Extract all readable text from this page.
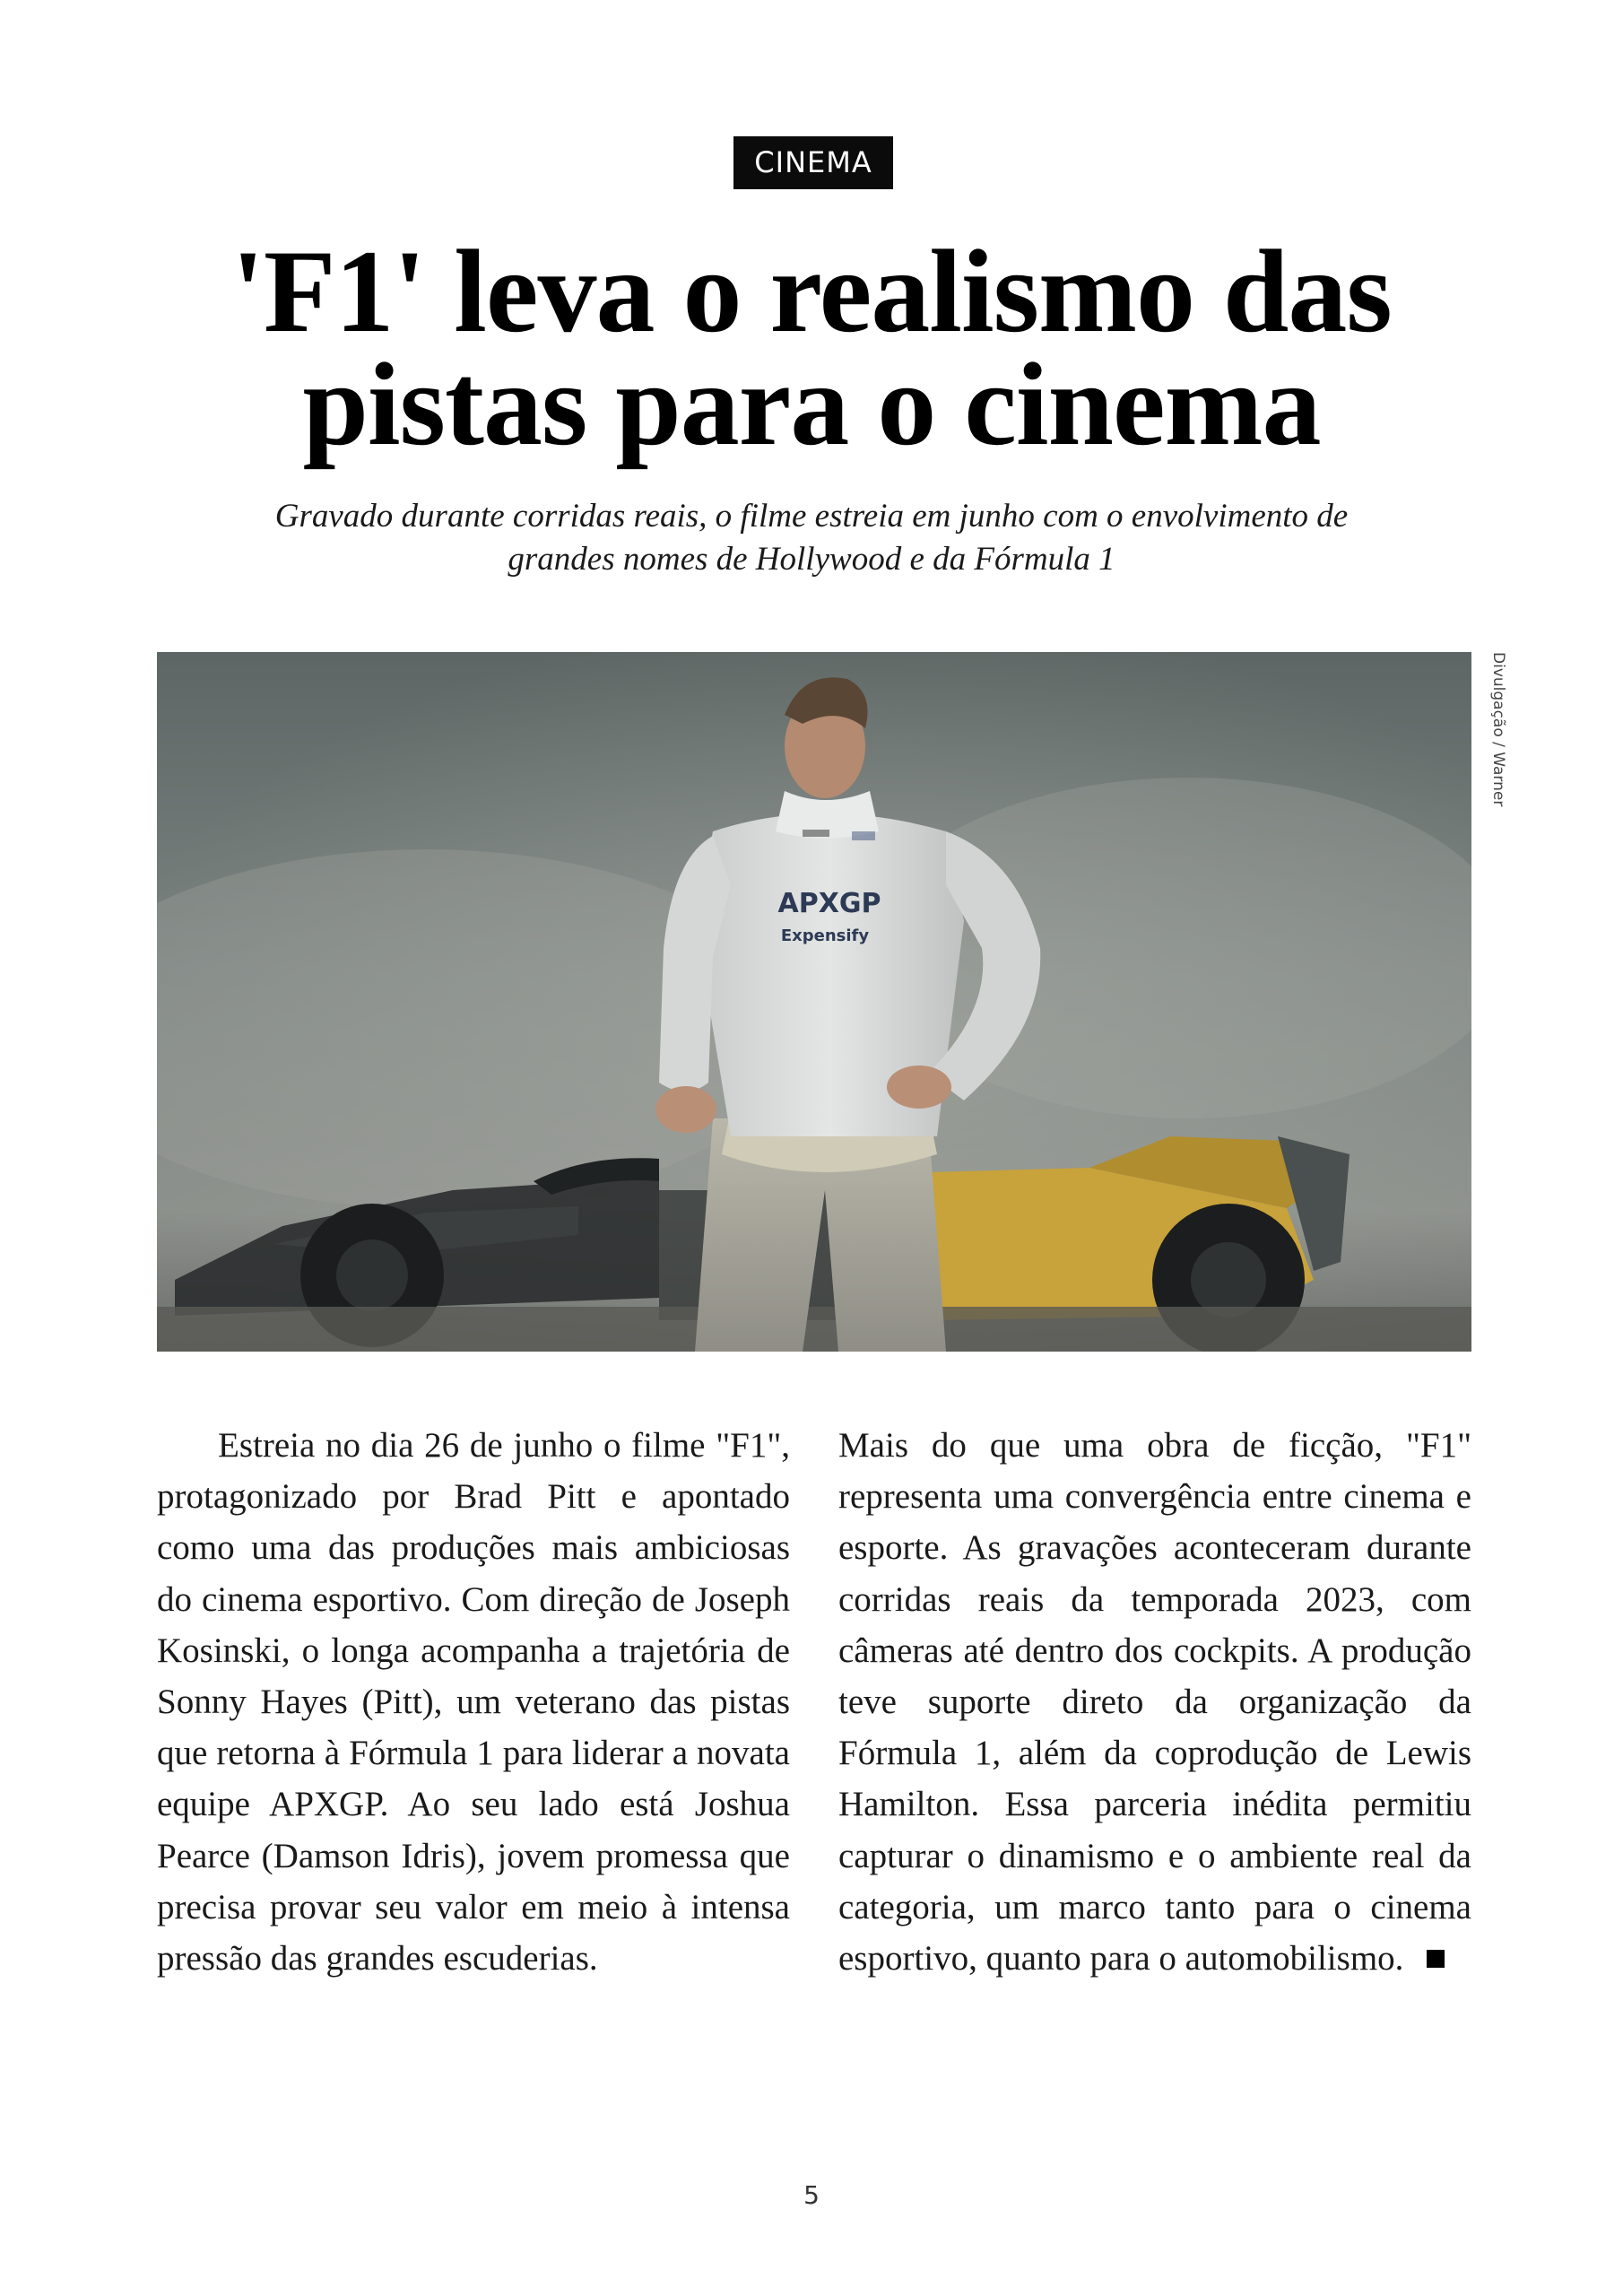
CINEMA
'F1' leva o realismo das pistas para o cinema

Gravado durante corridas reais, o filme estreia em junho com o envolvimento de grandes nomes de Hollywood e da Fórmula 1

APXGP
Expensify
Divulgação / Warner

Estreia no dia 26 de junho o filme "F1", protagonizado por Brad Pitt e apontado como uma das produções mais ambiciosas do cinema esportivo. Com direção de Joseph Kosinski, o longa acompanha a trajetória de Sonny Hayes (Pitt), um veterano das pistas que retorna à Fórmula 1 para liderar a novata equipe APXGP. Ao seu lado está Joshua Pearce (Damson Idris), jovem promessa que precisa provar seu valor em meio à intensa pressão das grandes escuderias.

Mais do que uma obra de ficção, "F1" representa uma convergência entre cinema e esporte. As gravações aconteceram durante corridas reais da temporada 2023, com câmeras até dentro dos cockpits. A produção teve suporte direto da organização da Fórmula 1, além da coprodução de Lewis Hamilton. Essa parceria inédita permitiu capturar o dinamismo e o ambiente real da categoria, um marco tanto para o cinema esportivo, quanto para o automobilismo.

5
